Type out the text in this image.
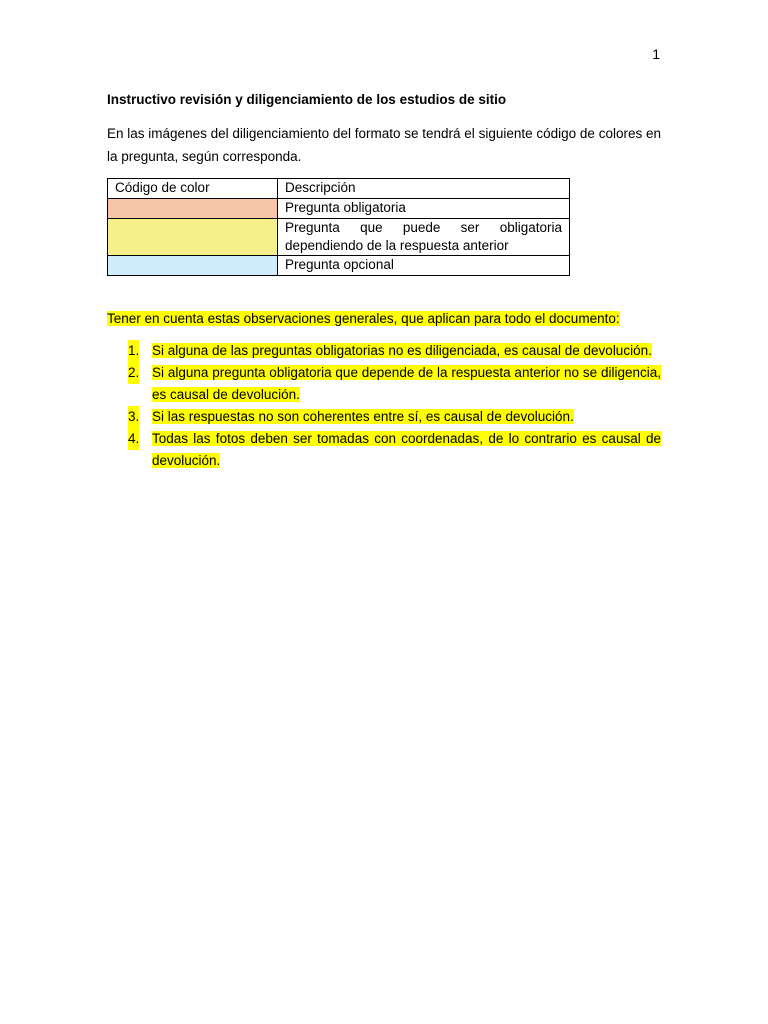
1
Instructivo revisión y diligenciamiento de los estudios de sitio
En las imágenes del diligenciamiento del formato se tendrá el siguiente código de colores en la pregunta, según corresponda.
Código de color	Descripción
	Pregunta obligatoria
	Pregunta que puede ser obligatoria dependiendo de la respuesta anterior
	Pregunta opcional
Tener en cuenta estas observaciones generales, que aplican para todo el documento:
1. Si alguna de las preguntas obligatorias no es diligenciada, es causal de devolución.
2. Si alguna pregunta obligatoria que depende de la respuesta anterior no se diligencia, es causal de devolución.
3. Si las respuestas no son coherentes entre sí, es causal de devolución.
4. Todas las fotos deben ser tomadas con coordenadas, de lo contrario es causal de devolución.
